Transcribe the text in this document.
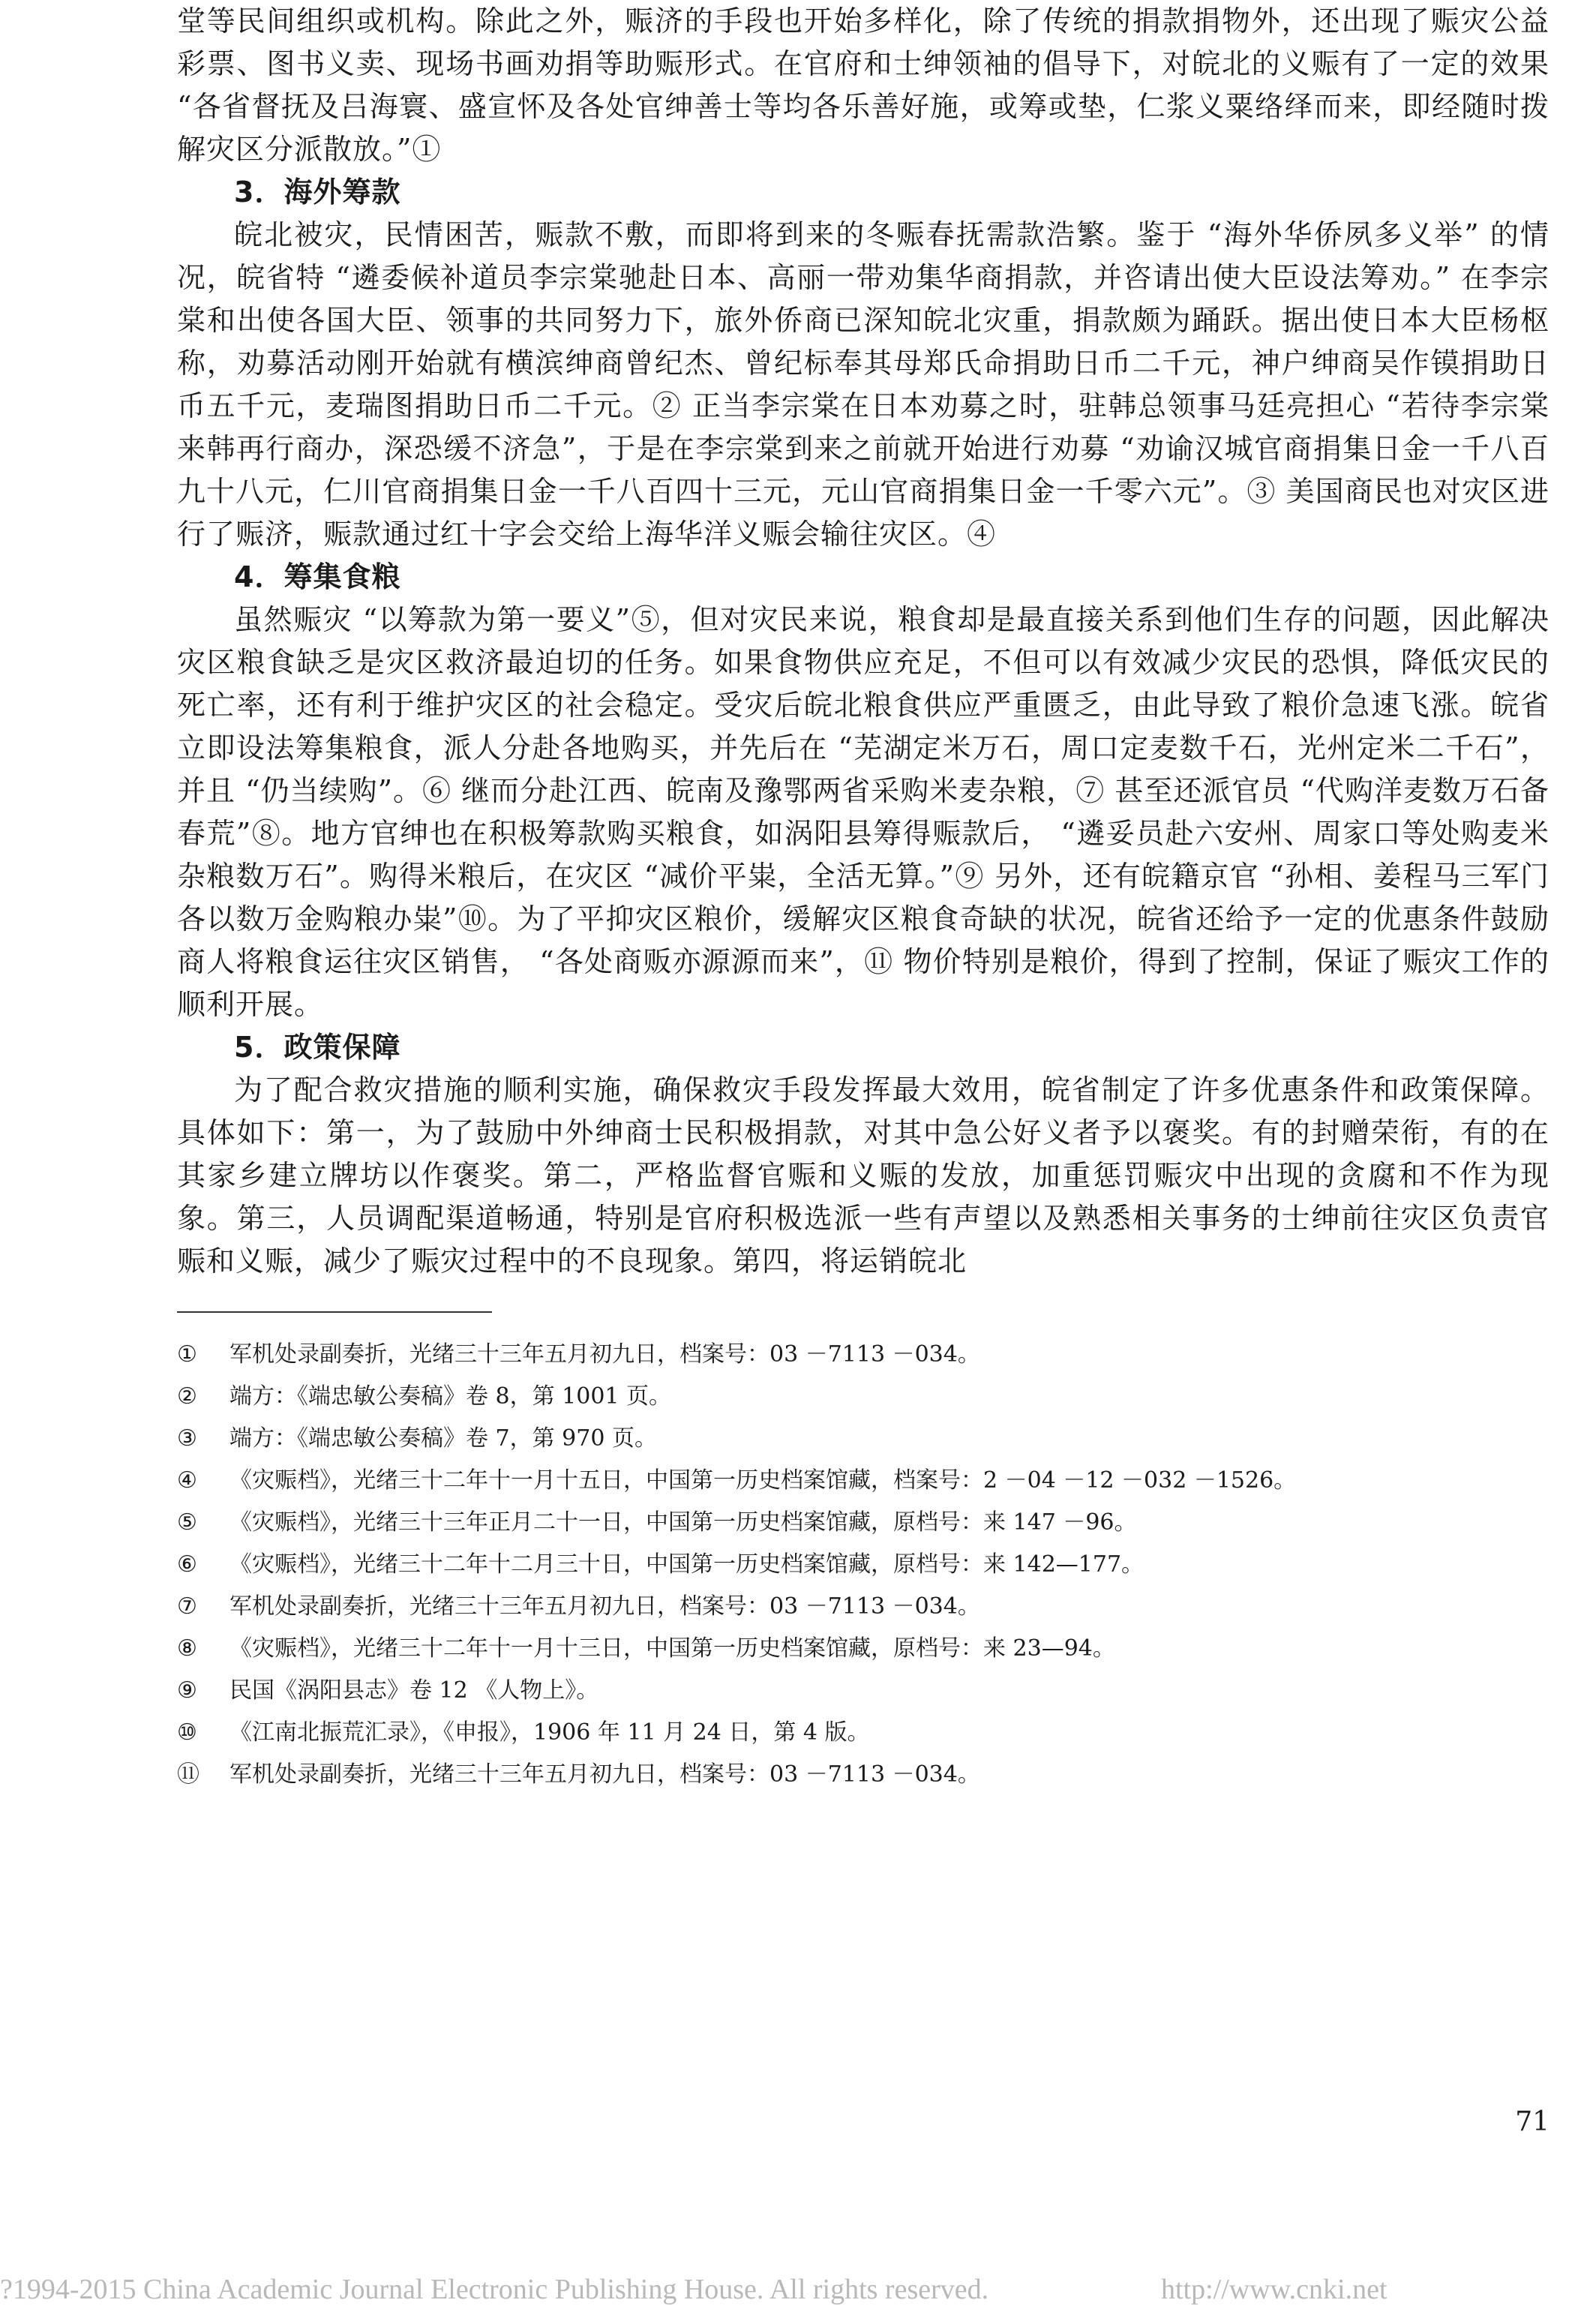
堂等民间组织或机构。除此之外，赈济的手段也开始多样化，除了传统的捐款捐物外，还出现了赈灾公益彩票、图书义卖、现场书画劝捐等助赈形式。在官府和士绅领袖的倡导下，对皖北的义赈有了一定的效果 “各省督抚及吕海寰、盛宣怀及各处官绅善士等均各乐善好施，或筹或垫，仁浆义粟络绎而来，即经随时拨解灾区分派散放。”①

3．海外筹款

皖北被灾，民情困苦，赈款不敷，而即将到来的冬赈春抚需款浩繁。鉴于 “海外华侨夙多义举” 的情况，皖省特 “遴委候补道员李宗棠驰赴日本、高丽一带劝集华商捐款，并咨请出使大臣设法筹劝。” 在李宗棠和出使各国大臣、领事的共同努力下，旅外侨商已深知皖北灾重，捐款颇为踊跃。据出使日本大臣杨枢称，劝募活动刚开始就有横滨绅商曾纪杰、曾纪标奉其母郑氏命捐助日币二千元，神户绅商吴作镆捐助日币五千元，麦瑞图捐助日币二千元。② 正当李宗棠在日本劝募之时，驻韩总领事马廷亮担心 “若待李宗棠来韩再行商办，深恐缓不济急”，于是在李宗棠到来之前就开始进行劝募 “劝谕汉城官商捐集日金一千八百九十八元，仁川官商捐集日金一千八百四十三元，元山官商捐集日金一千零六元”。③ 美国商民也对灾区进行了赈济，赈款通过红十字会交给上海华洋义赈会输往灾区。④

4．筹集食粮

虽然赈灾 “以筹款为第一要义”⑤，但对灾民来说，粮食却是最直接关系到他们生存的问题，因此解决灾区粮食缺乏是灾区救济最迫切的任务。如果食物供应充足，不但可以有效减少灾民的恐惧，降低灾民的死亡率，还有利于维护灾区的社会稳定。受灾后皖北粮食供应严重匮乏，由此导致了粮价急速飞涨。皖省立即设法筹集粮食，派人分赴各地购买，并先后在 “芜湖定米万石，周口定麦数千石，光州定米二千石”，并且 “仍当续购”。⑥ 继而分赴江西、皖南及豫鄂两省采购米麦杂粮，⑦ 甚至还派官员 “代购洋麦数万石备春荒”⑧。地方官绅也在积极筹款购买粮食，如涡阳县筹得赈款后， “遴妥员赴六安州、周家口等处购麦米杂粮数万石”。购得米粮后，在灾区 “减价平粜，全活无算。”⑨ 另外，还有皖籍京官 “孙相、姜程马三军门各以数万金购粮办粜”⑩。为了平抑灾区粮价，缓解灾区粮食奇缺的状况，皖省还给予一定的优惠条件鼓励商人将粮食运往灾区销售， “各处商贩亦源源而来”，⑪ 物价特别是粮价，得到了控制，保证了赈灾工作的顺利开展。

5．政策保障

为了配合救灾措施的顺利实施，确保救灾手段发挥最大效用，皖省制定了许多优惠条件和政策保障。具体如下：第一，为了鼓励中外绅商士民积极捐款，对其中急公好义者予以褒奖。有的封赠荣衔，有的在其家乡建立牌坊以作褒奖。第二，严格监督官赈和义赈的发放，加重惩罚赈灾中出现的贪腐和不作为现象。第三，人员调配渠道畅通，特别是官府积极选派一些有声望以及熟悉相关事务的士绅前往灾区负责官赈和义赈，减少了赈灾过程中的不良现象。第四，将运销皖北

①	军机处录副奏折，光绪三十三年五月初九日，档案号：03 －7113 －034。

②	端方：《端忠敏公奏稿》卷 8，第 1001 页。

③	端方：《端忠敏公奏稿》卷 7，第 970 页。

④	《灾赈档》，光绪三十二年十一月十五日，中国第一历史档案馆藏，档案号：2 －04 －12 －032 －1526。

⑤	《灾赈档》，光绪三十三年正月二十一日，中国第一历史档案馆藏，原档号：来 147 －96。

⑥	《灾赈档》，光绪三十二年十二月三十日，中国第一历史档案馆藏，原档号：来 142—177。

⑦	军机处录副奏折，光绪三十三年五月初九日，档案号：03 －7113 －034。

⑧	《灾赈档》，光绪三十二年十一月十三日，中国第一历史档案馆藏，原档号：来 23—94。

⑨	民国《涡阳县志》卷 12 《人物上》。

⑩	《江南北振荒汇录》，《申报》，1906 年 11 月 24 日，第 4 版。

⑪	军机处录副奏折，光绪三十三年五月初九日，档案号：03 －7113 －034。

71
?1994-2015 China Academic Journal Electronic Publishing House. All rights reserved.	http://www.cnki.net
